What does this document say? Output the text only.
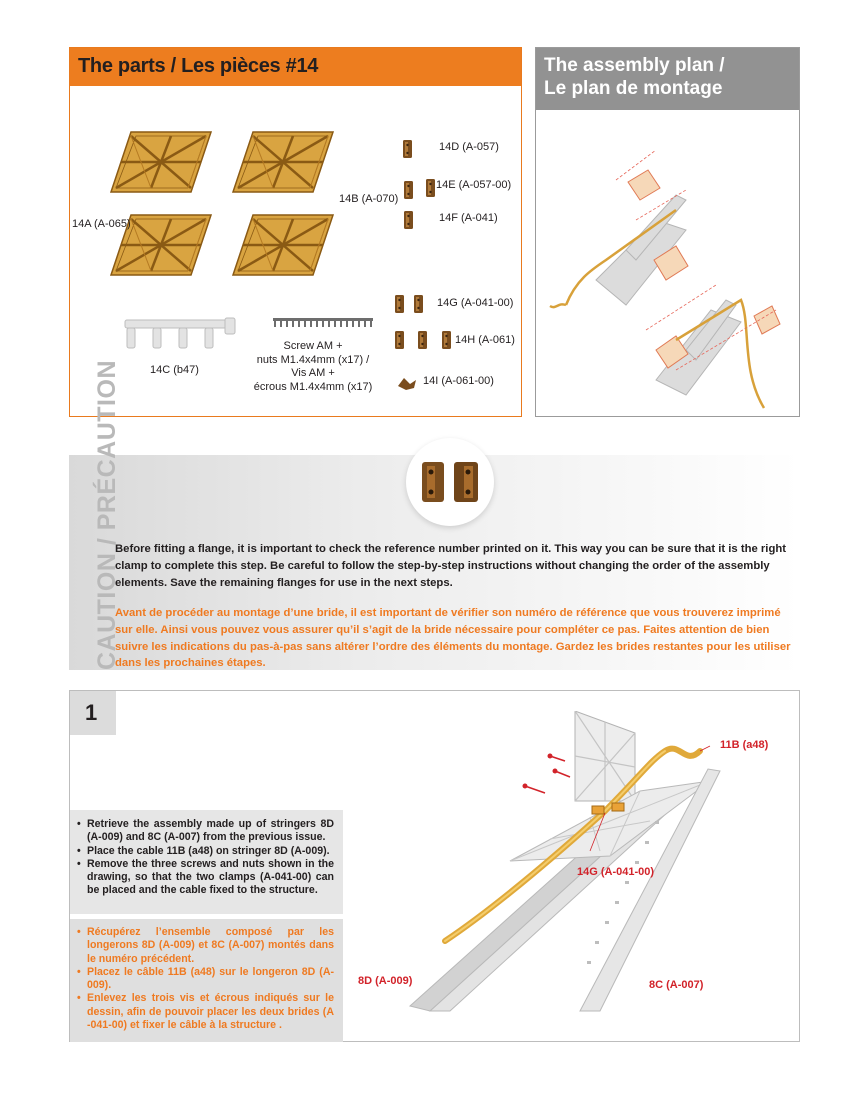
The parts / Les pièces #14
14A (A-065)
14B (A-070)
14C (b47)
14D (A-057)
14E (A-057-00)
14F (A-041)
14G (A-041-00)
14H (A-061)
14I (A-061-00)
Screw AM +
nuts M1.4x4mm (x17) /
Vis AM +
écrous M1.4x4mm (x17)
The assembly plan /
Le plan de montage
CAUTION / PRÉCAUTION
Before fitting a flange, it is important to check the reference number printed on it. This way you can be sure that it is the right clamp to complete this step. Be careful to follow the step-by-step instructions without changing the order of the assembly elements. Save the remaining flanges for use in the next steps.
Avant de procéder au montage d’une bride, il est important de vérifier son numéro de référence que vous trouverez imprimé sur elle. Ainsi vous pouvez vous assurer qu’il s’agit de la bride nécessaire pour compléter ce pas. Faites attention de bien suivre les indications du pas-à-pas sans altérer l’ordre des éléments du montage. Gardez les brides restantes pour les utiliser dans les prochaines étapes.
1
• Retrieve the assembly made up of stringers 8D (A-009) and 8C (A-007) from the previous issue.
• Place the cable 11B (a48) on stringer 8D (A-009).
• Remove the three screws and nuts shown in the drawing, so that the two clamps (A-041-00) can be placed and the cable fixed to the structure.
• Récupérez l’ensemble composé par les longerons 8D (A-009) et 8C (A-007) montés dans le numéro précédent.
• Placez le câble 11B (a48) sur le longeron 8D (A-009).
• Enlevez les trois vis et écrous indiqués sur le dessin, afin de pouvoir placer les deux brides (A -041-00) et fixer le câble à la structure .
11B (a48)
14G (A-041-00)
8D (A-009)	8C (A-007)
